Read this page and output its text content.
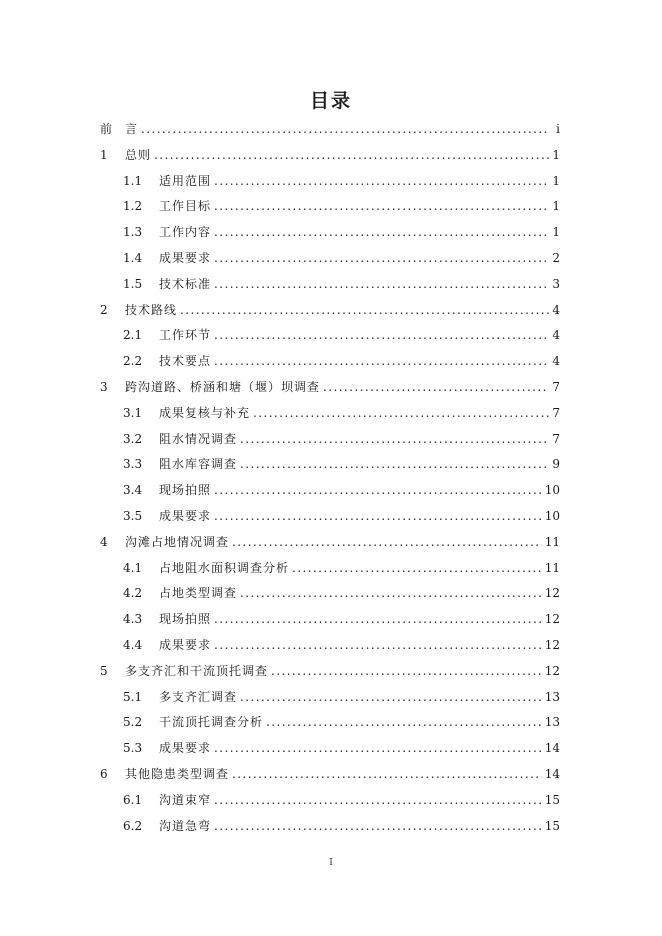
目录
前	言 . . .	i
1	总则 . . .	1
1.1	适用范围 . . .	1
1.2	工作目标 . . .	1
1.3	工作内容 . . .	1
1.4	成果要求 . . .	2
1.5	技术标准 . . .	3
2	技术路线 . . .	4
2.1	工作环节 . . .	4
2.2	技术要点 . . .	4
3	跨沟道路、桥涵和塘（堰）坝调查 . . .	7
3.1	成果复核与补充 . . .	7
3.2	阻水情况调查 . . .	7
3.3	阻水库容调查 . . .	9
3.4	现场拍照 . . .	10
3.5	成果要求 . . .	10
4	沟滩占地情况调查 . . .	11
4.1	占地阻水面积调查分析 . . .	11
4.2	占地类型调查 . . .	12
4.3	现场拍照 . . .	12
4.4	成果要求 . . .	12
5	多支齐汇和干流顶托调查 . . .	12
5.1	多支齐汇调查 . . .	13
5.2	干流顶托调查分析 . . .	13
5.3	成果要求 . . .	14
6	其他隐患类型调查 . . .	14
6.1	沟道束窄 . . .	15
6.2	沟道急弯 . . .	15
I
